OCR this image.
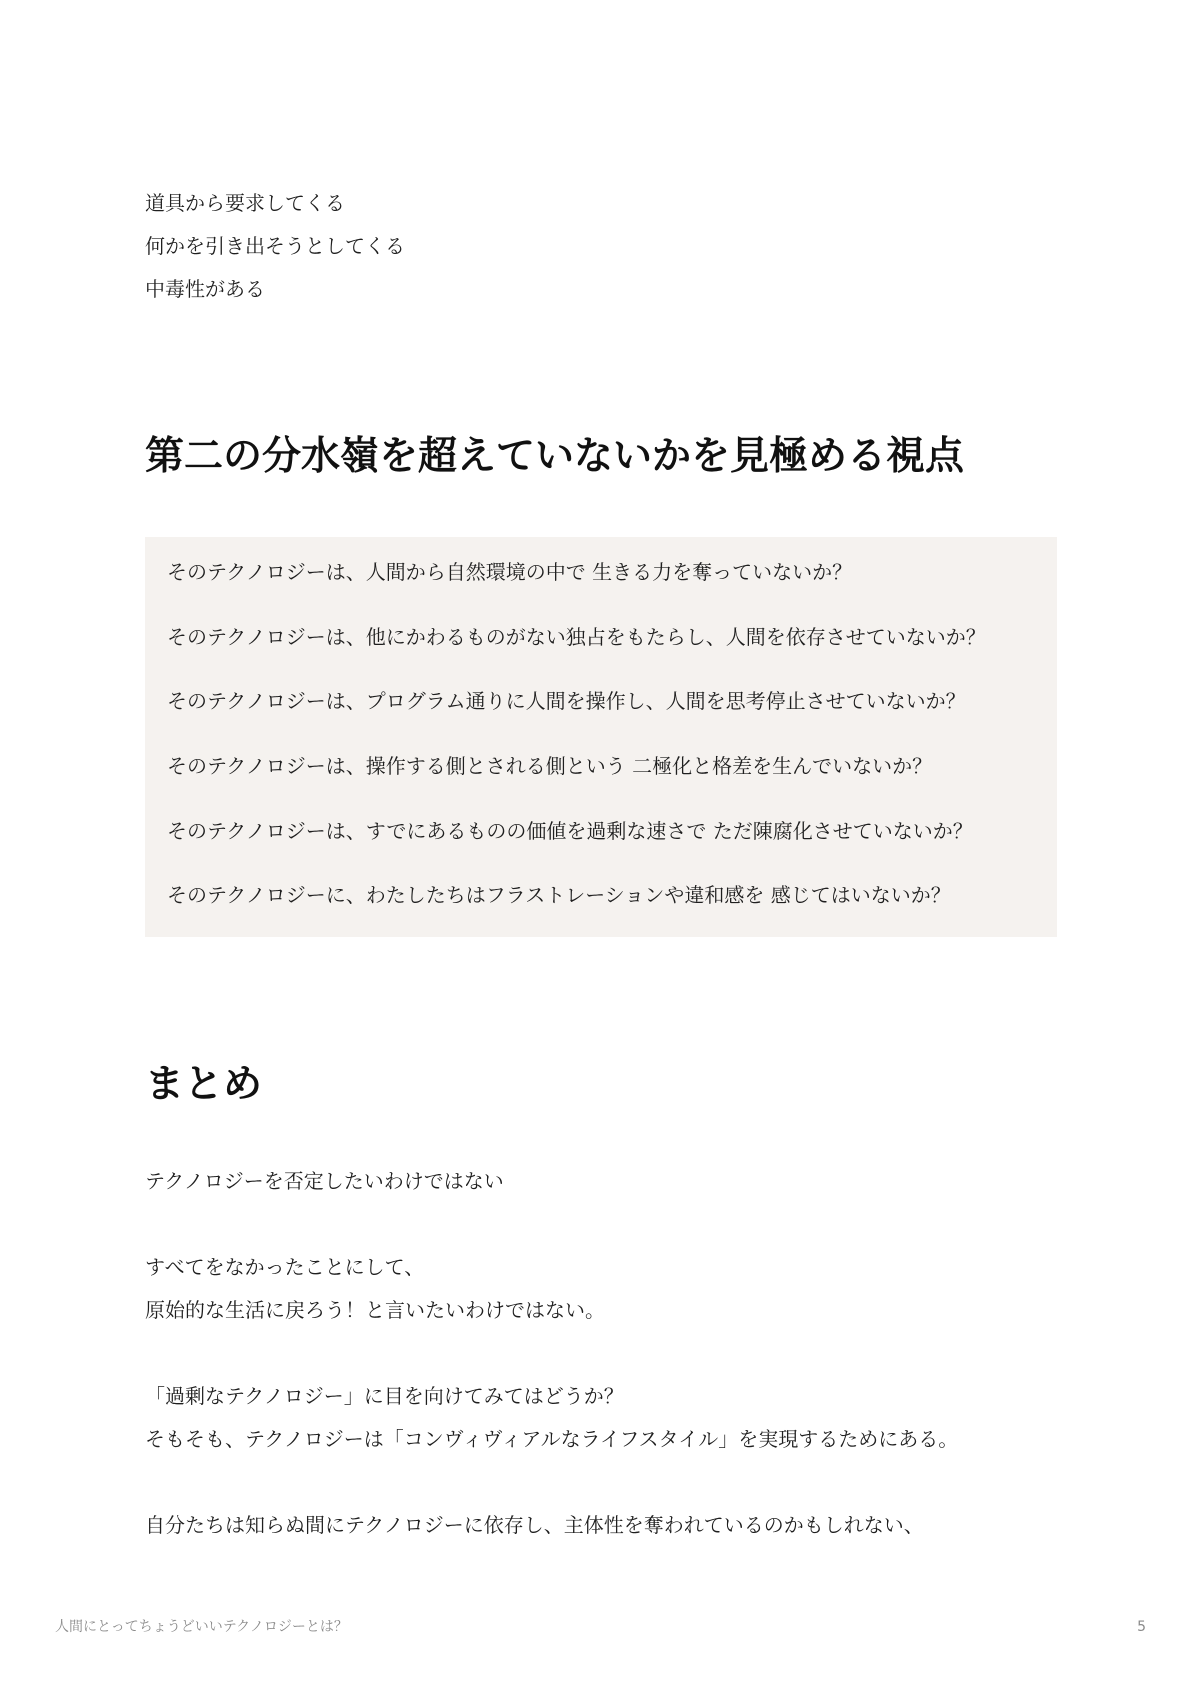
道具から要求してくる

何かを引き出そうとしてくる

中毒性がある

第二の分水嶺を超えていないかを見極める視点

そのテクノロジーは、人間から自然環境の中で 生きる力を奪っていないか？

そのテクノロジーは、他にかわるものがない独占をもたらし、人間を依存させていないか？

そのテクノロジーは、プログラム通りに人間を操作し、人間を思考停止させていないか？

そのテクノロジーは、操作する側とされる側という 二極化と格差を生んでいないか？

そのテクノロジーは、すでにあるものの価値を過剰な速さで ただ陳腐化させていないか？

そのテクノロジーに、わたしたちはフラストレーションや違和感を 感じてはいないか？

まとめ

テクノロジーを否定したいわけではない

すべてをなかったことにして、

原始的な生活に戻ろう！と言いたいわけではない。

「過剰なテクノロジー」に目を向けてみてはどうか？

そもそも、テクノロジーは「コンヴィヴィアルなライフスタイル」を実現するためにある。

自分たちは知らぬ間にテクノロジーに依存し、主体性を奪われているのかもしれない、

人間にとってちょうどいいテクノロジーとは？	5
